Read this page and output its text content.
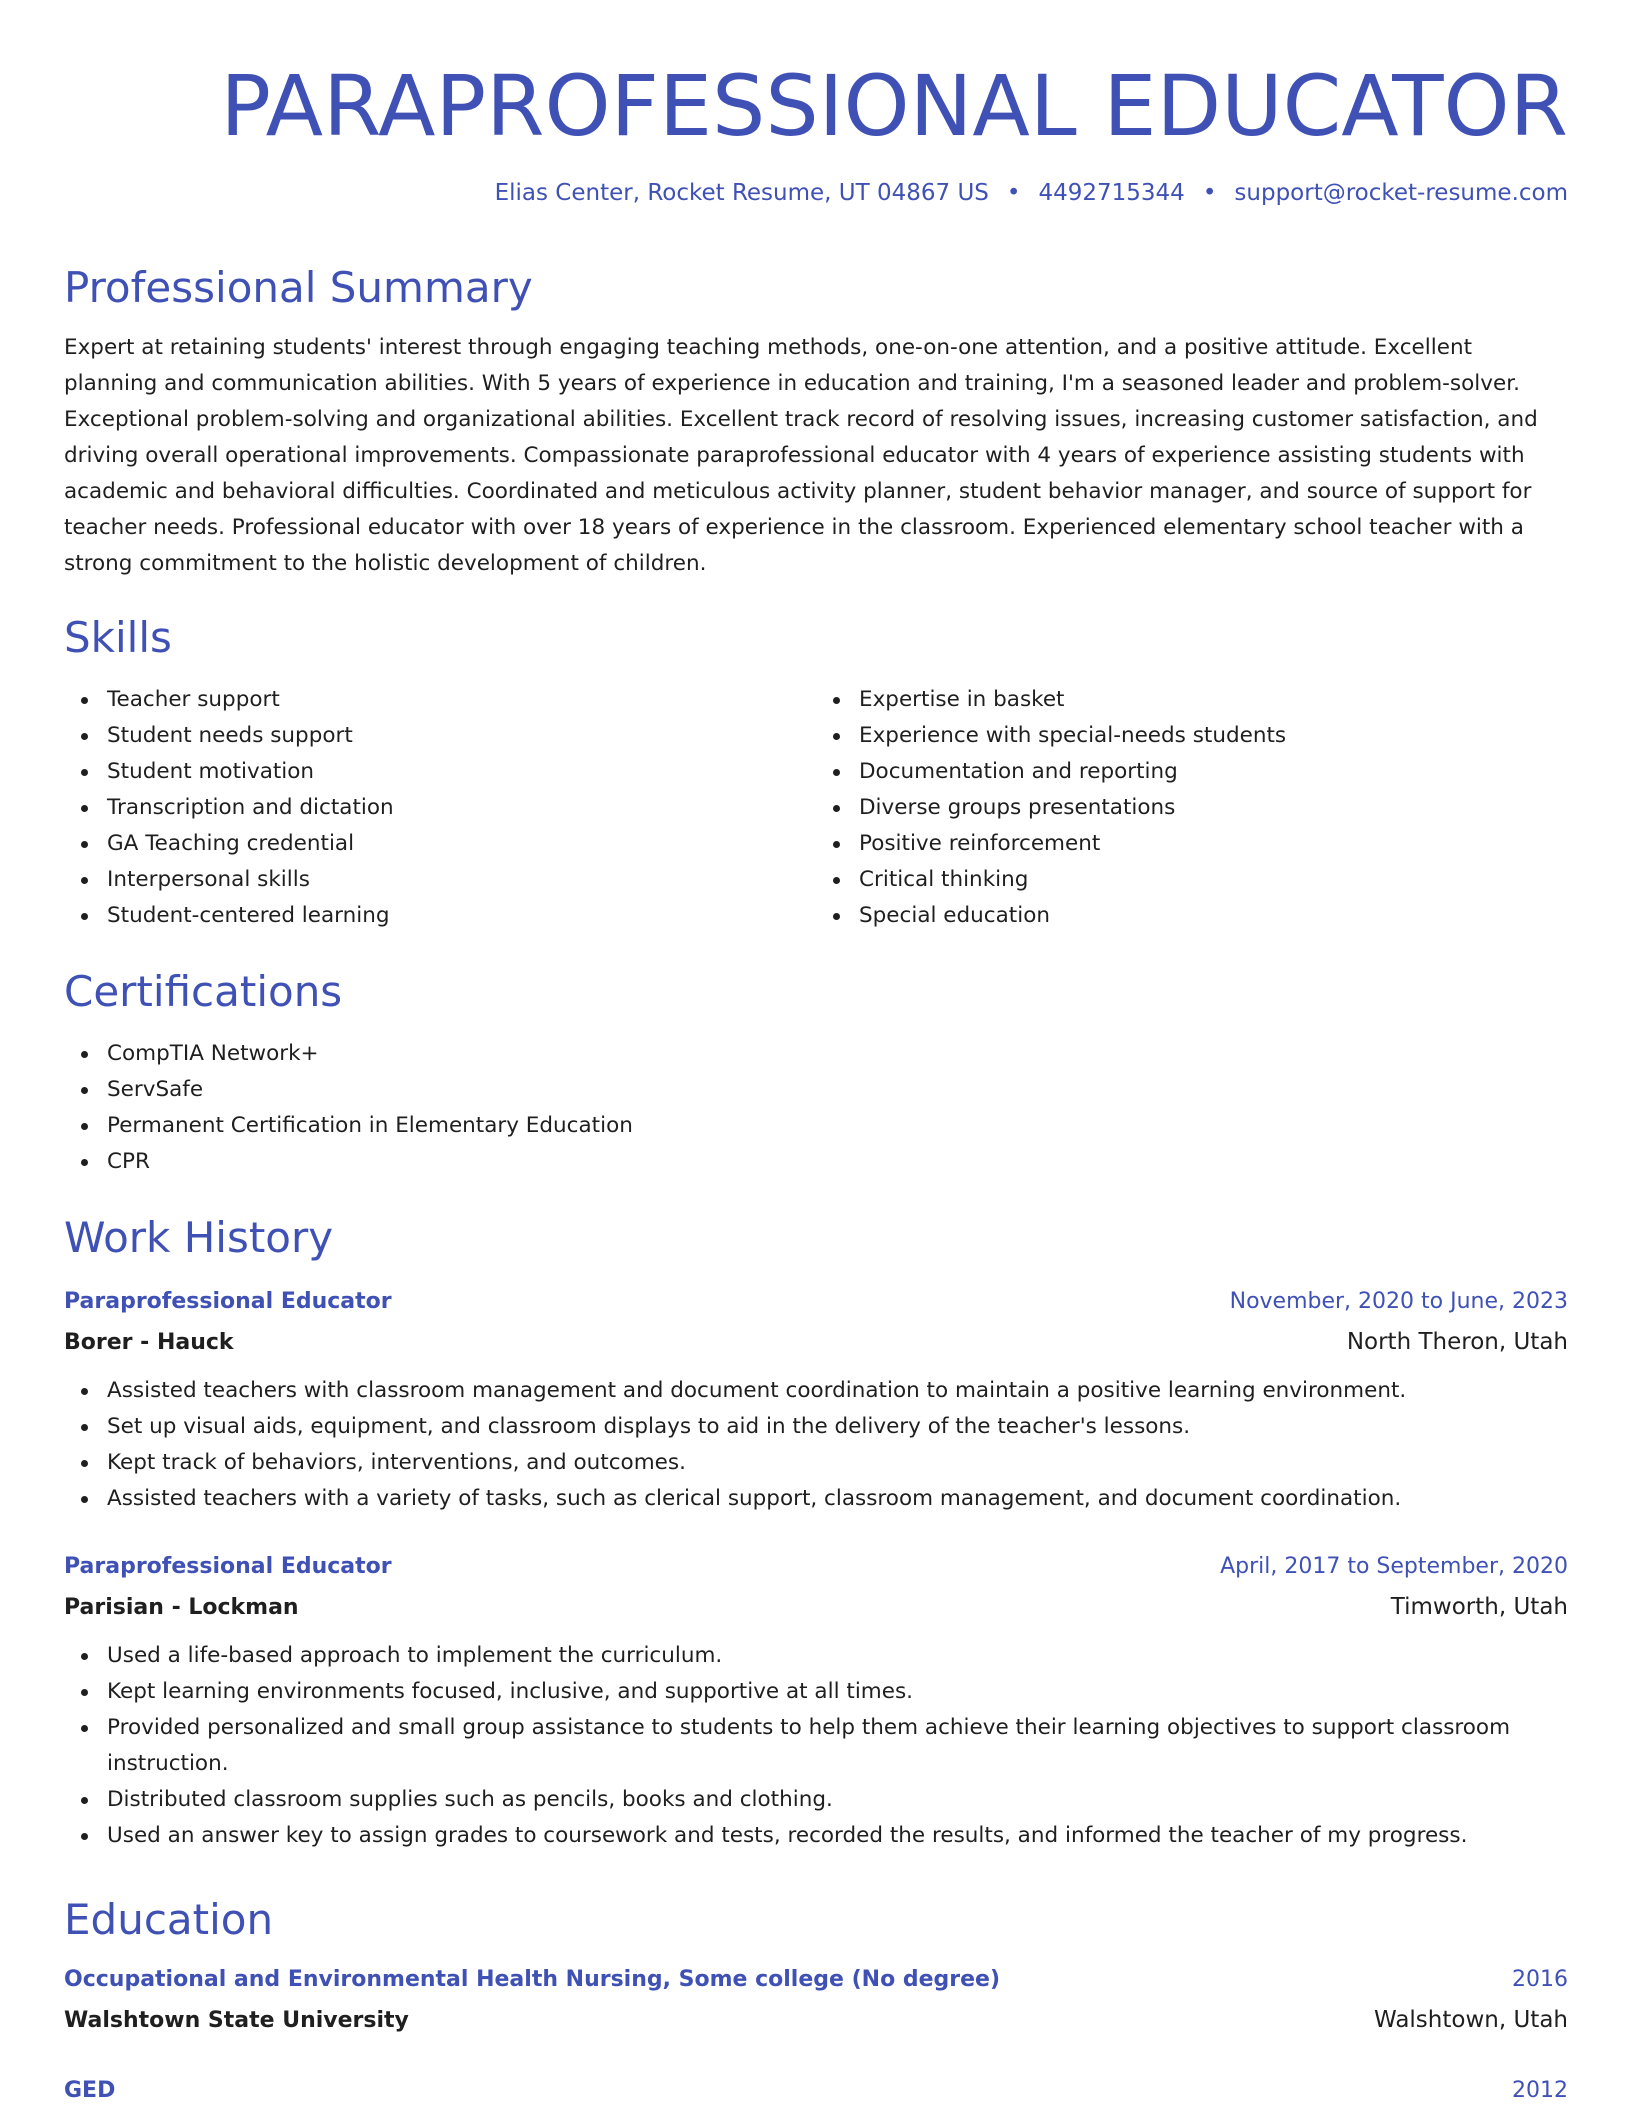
PARAPROFESSIONAL EDUCATOR
Elias Center, Rocket Resume, UT 04867 US • 4492715344 • support@rocket-resume.com
Professional Summary
Expert at retaining students' interest through engaging teaching methods, one-on-one attention, and a positive attitude. Excellent planning and communication abilities. With 5 years of experience in education and training, I'm a seasoned leader and problem-solver. Exceptional problem-solving and organizational abilities. Excellent track record of resolving issues, increasing customer satisfaction, and driving overall operational improvements. Compassionate paraprofessional educator with 4 years of experience assisting students with academic and behavioral difficulties. Coordinated and meticulous activity planner, student behavior manager, and source of support for teacher needs. Professional educator with over 18 years of experience in the classroom. Experienced elementary school teacher with a strong commitment to the holistic development of children.
Skills
Teacher support
Student needs support
Student motivation
Transcription and dictation
GA Teaching credential
Interpersonal skills
Student-centered learning
Expertise in basket
Experience with special-needs students
Documentation and reporting
Diverse groups presentations
Positive reinforcement
Critical thinking
Special education
Certifications
CompTIA Network+
ServSafe
Permanent Certification in Elementary Education
CPR
Work History
Paraprofessional Educator	November, 2020 to June, 2023
Borer - Hauck	North Theron, Utah
Assisted teachers with classroom management and document coordination to maintain a positive learning environment.
Set up visual aids, equipment, and classroom displays to aid in the delivery of the teacher's lessons.
Kept track of behaviors, interventions, and outcomes.
Assisted teachers with a variety of tasks, such as clerical support, classroom management, and document coordination.
Paraprofessional Educator	April, 2017 to September, 2020
Parisian - Lockman	Timworth, Utah
Used a life-based approach to implement the curriculum.
Kept learning environments focused, inclusive, and supportive at all times.
Provided personalized and small group assistance to students to help them achieve their learning objectives to support classroom instruction.
Distributed classroom supplies such as pencils, books and clothing.
Used an answer key to assign grades to coursework and tests, recorded the results, and informed the teacher of my progress.
Education
Occupational and Environmental Health Nursing, Some college (No degree)	2016
Walshtown State University	Walshtown, Utah
GED	2012
